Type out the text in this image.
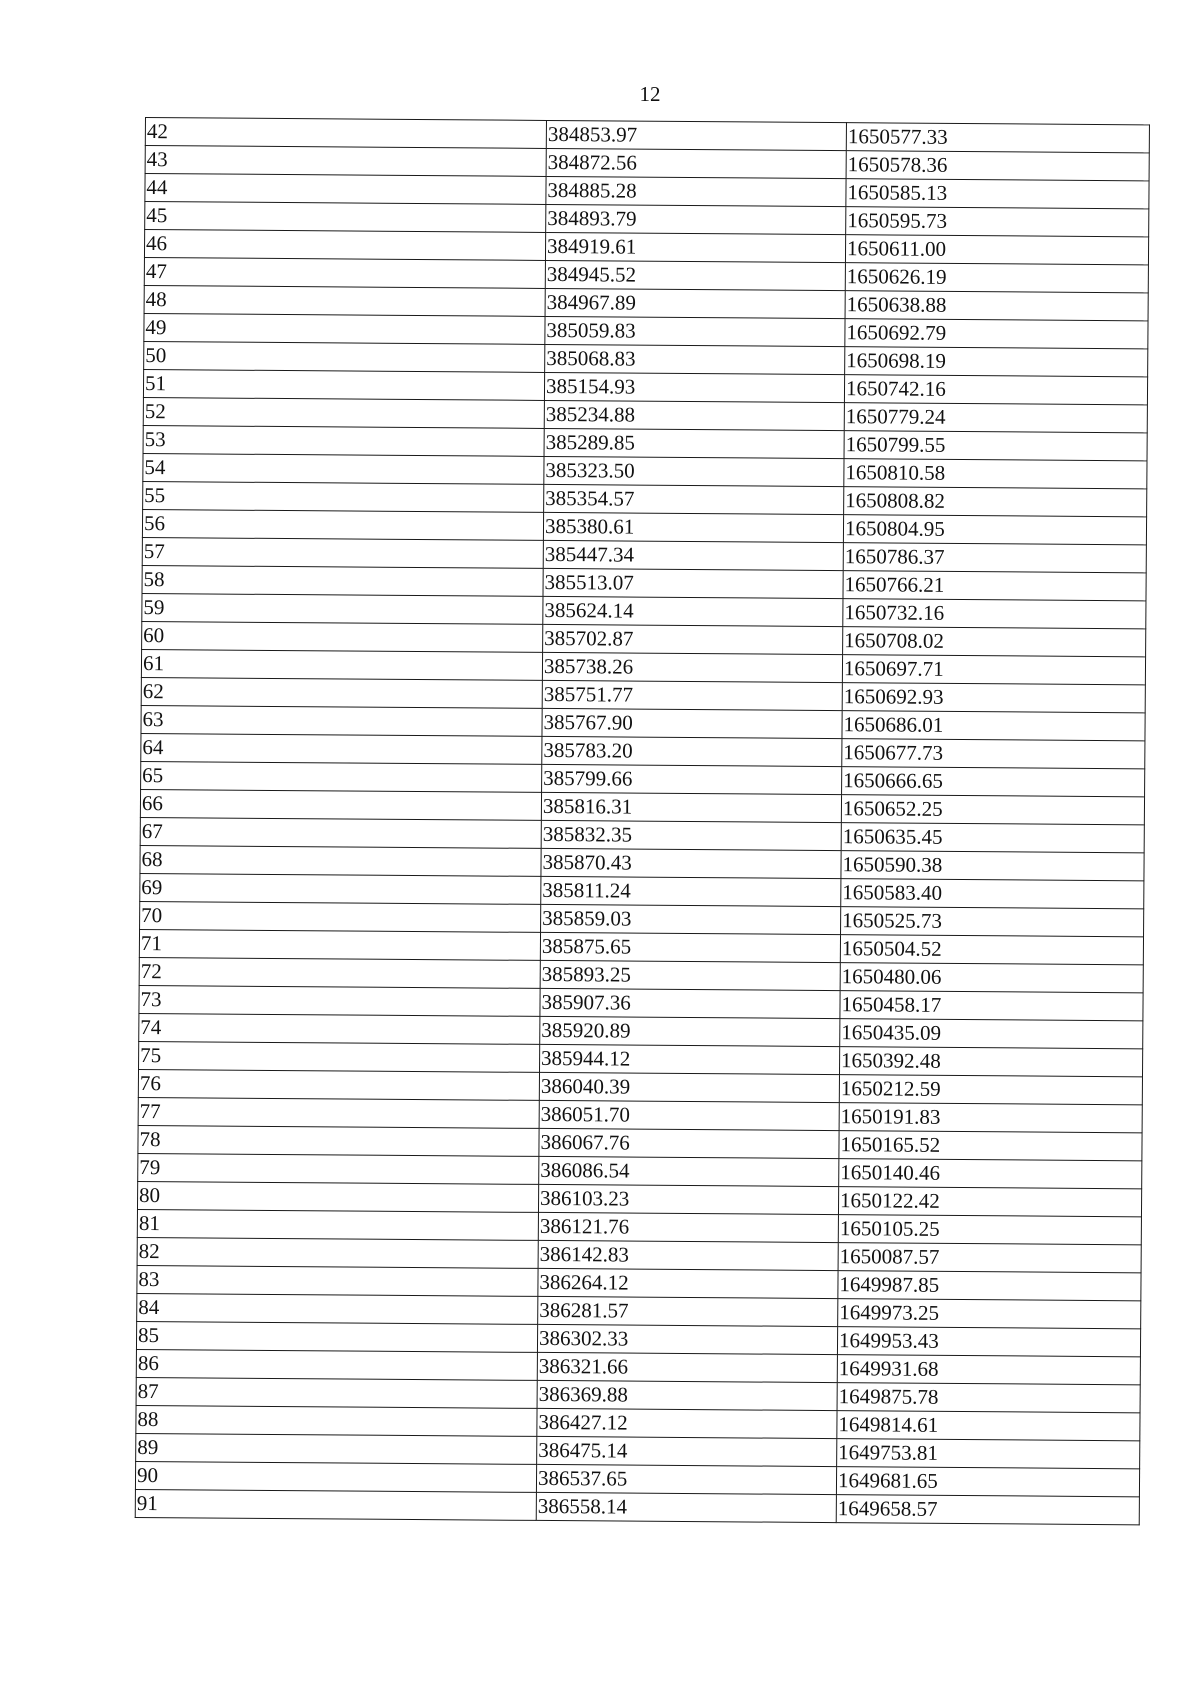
12
42	384853.97	1650577.33
43	384872.56	1650578.36
44	384885.28	1650585.13
45	384893.79	1650595.73
46	384919.61	1650611.00
47	384945.52	1650626.19
48	384967.89	1650638.88
49	385059.83	1650692.79
50	385068.83	1650698.19
51	385154.93	1650742.16
52	385234.88	1650779.24
53	385289.85	1650799.55
54	385323.50	1650810.58
55	385354.57	1650808.82
56	385380.61	1650804.95
57	385447.34	1650786.37
58	385513.07	1650766.21
59	385624.14	1650732.16
60	385702.87	1650708.02
61	385738.26	1650697.71
62	385751.77	1650692.93
63	385767.90	1650686.01
64	385783.20	1650677.73
65	385799.66	1650666.65
66	385816.31	1650652.25
67	385832.35	1650635.45
68	385870.43	1650590.38
69	385811.24	1650583.40
70	385859.03	1650525.73
71	385875.65	1650504.52
72	385893.25	1650480.06
73	385907.36	1650458.17
74	385920.89	1650435.09
75	385944.12	1650392.48
76	386040.39	1650212.59
77	386051.70	1650191.83
78	386067.76	1650165.52
79	386086.54	1650140.46
80	386103.23	1650122.42
81	386121.76	1650105.25
82	386142.83	1650087.57
83	386264.12	1649987.85
84	386281.57	1649973.25
85	386302.33	1649953.43
86	386321.66	1649931.68
87	386369.88	1649875.78
88	386427.12	1649814.61
89	386475.14	1649753.81
90	386537.65	1649681.65
91	386558.14	1649658.57
